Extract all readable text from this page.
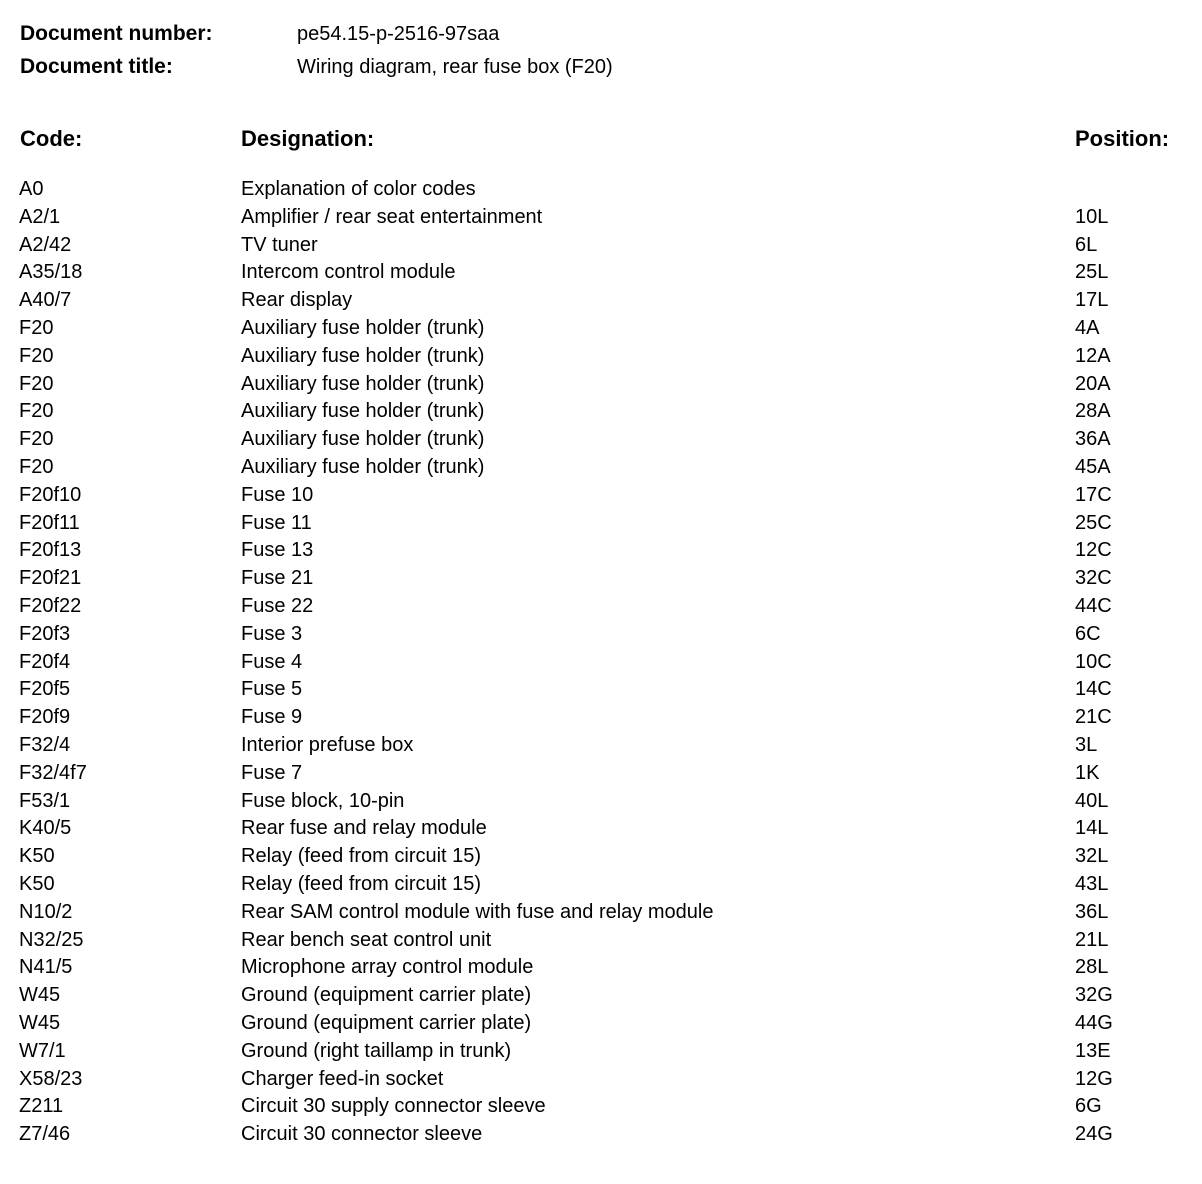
Document number:	pe54.15-p-2516-97saa
Document title:	Wiring diagram, rear fuse box (F20)
Code:	Designation:	Position:
A0	Explanation of color codes
A2/1	Amplifier / rear seat entertainment	10L
A2/42	TV tuner	6L
A35/18	Intercom control module	25L
A40/7	Rear display	17L
F20	Auxiliary fuse holder (trunk)	4A
F20	Auxiliary fuse holder (trunk)	12A
F20	Auxiliary fuse holder (trunk)	20A
F20	Auxiliary fuse holder (trunk)	28A
F20	Auxiliary fuse holder (trunk)	36A
F20	Auxiliary fuse holder (trunk)	45A
F20f10	Fuse 10	17C
F20f11	Fuse 11	25C
F20f13	Fuse 13	12C
F20f21	Fuse 21	32C
F20f22	Fuse 22	44C
F20f3	Fuse 3	6C
F20f4	Fuse 4	10C
F20f5	Fuse 5	14C
F20f9	Fuse 9	21C
F32/4	Interior prefuse box	3L
F32/4f7	Fuse 7	1K
F53/1	Fuse block, 10-pin	40L
K40/5	Rear fuse and relay module	14L
K50	Relay (feed from circuit 15)	32L
K50	Relay (feed from circuit 15)	43L
N10/2	Rear SAM control module with fuse and relay module	36L
N32/25	Rear bench seat control unit	21L
N41/5	Microphone array control module	28L
W45	Ground (equipment carrier plate)	32G
W45	Ground (equipment carrier plate)	44G
W7/1	Ground (right taillamp in trunk)	13E
X58/23	Charger feed-in socket	12G
Z211	Circuit 30 supply connector sleeve	6G
Z7/46	Circuit 30 connector sleeve	24G
